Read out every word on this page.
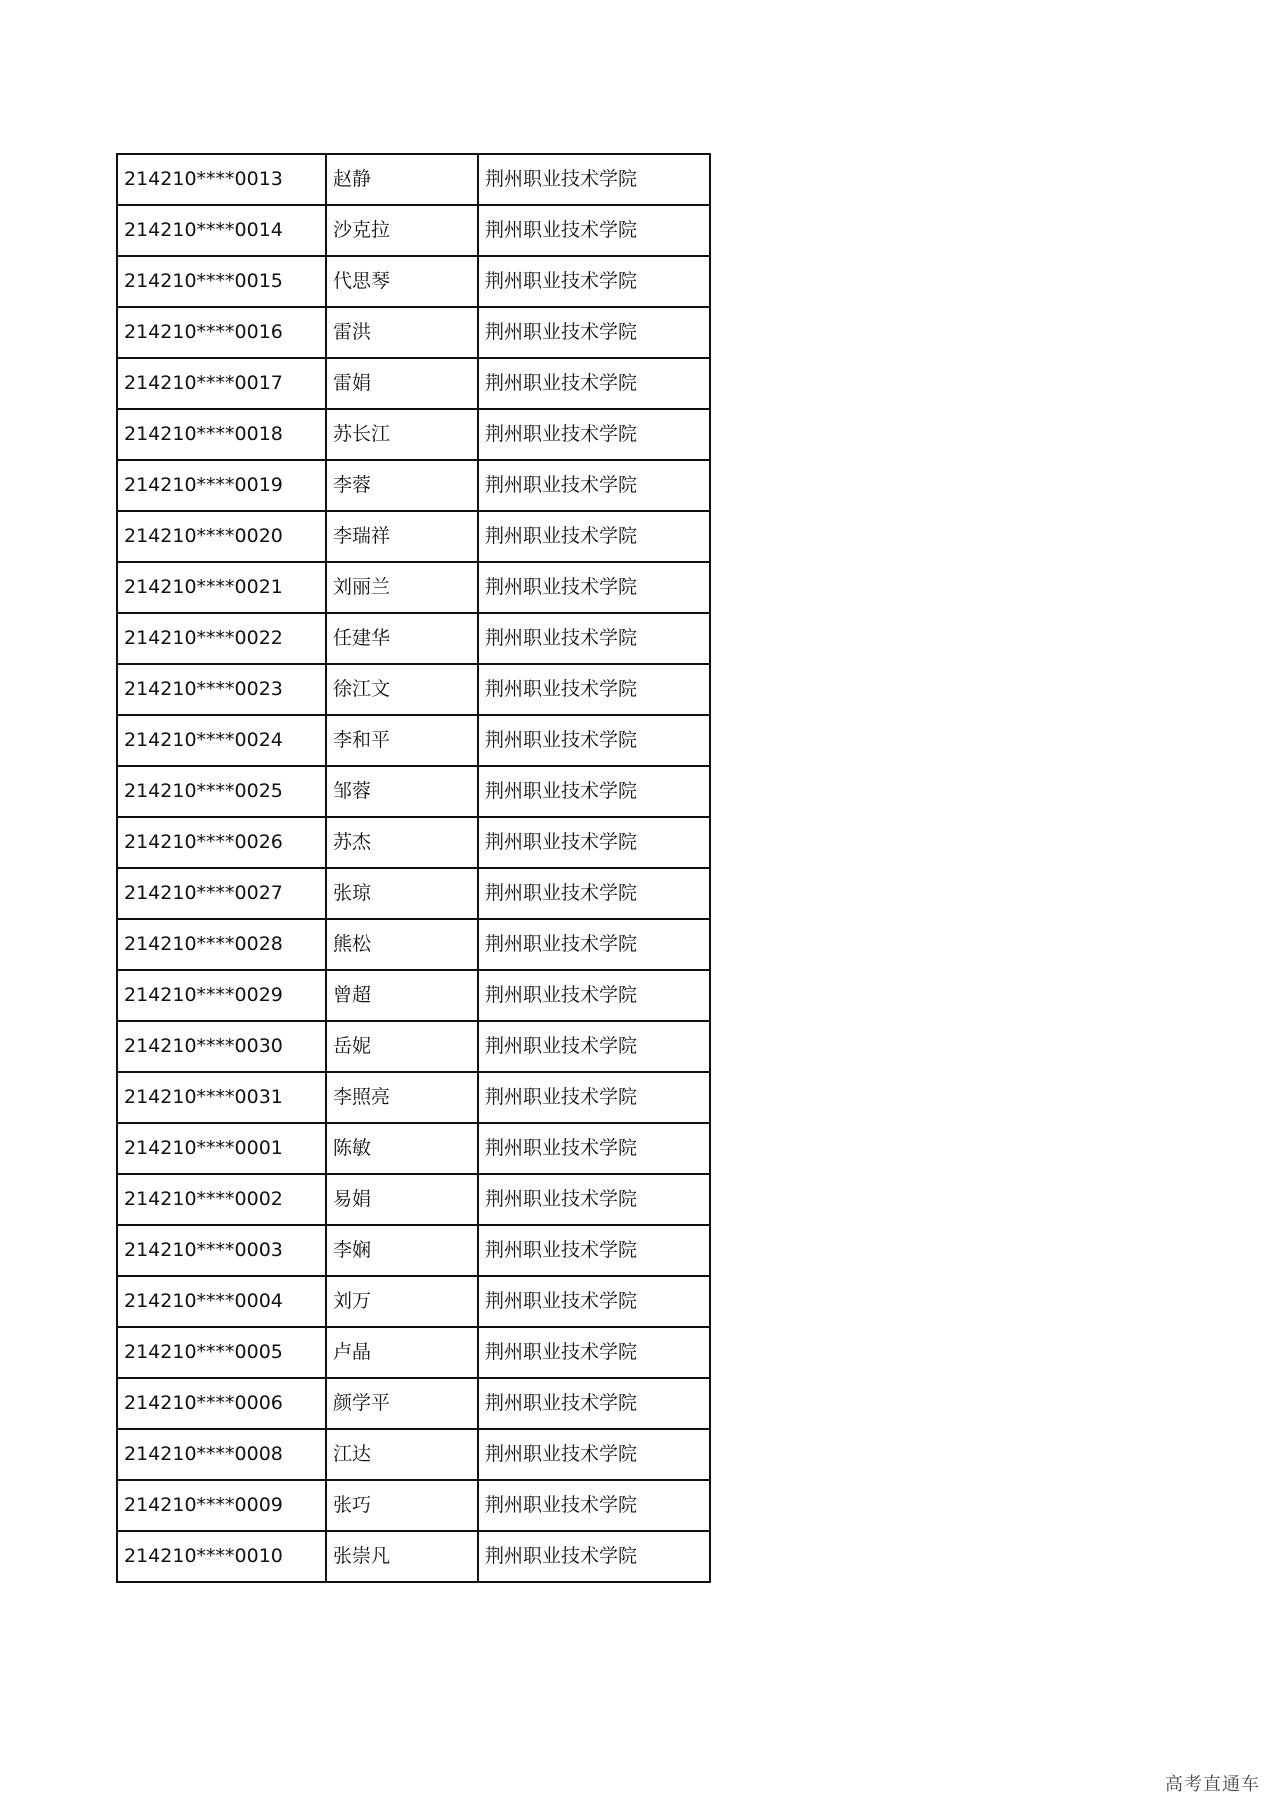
214210****0013	赵静	荆州职业技术学院
214210****0014	沙克拉	荆州职业技术学院
214210****0015	代思琴	荆州职业技术学院
214210****0016	雷洪	荆州职业技术学院
214210****0017	雷娟	荆州职业技术学院
214210****0018	苏长江	荆州职业技术学院
214210****0019	李蓉	荆州职业技术学院
214210****0020	李瑞祥	荆州职业技术学院
214210****0021	刘丽兰	荆州职业技术学院
214210****0022	任建华	荆州职业技术学院
214210****0023	徐江文	荆州职业技术学院
214210****0024	李和平	荆州职业技术学院
214210****0025	邹蓉	荆州职业技术学院
214210****0026	苏杰	荆州职业技术学院
214210****0027	张琼	荆州职业技术学院
214210****0028	熊松	荆州职业技术学院
214210****0029	曾超	荆州职业技术学院
214210****0030	岳妮	荆州职业技术学院
214210****0031	李照亮	荆州职业技术学院
214210****0001	陈敏	荆州职业技术学院
214210****0002	易娟	荆州职业技术学院
214210****0003	李娴	荆州职业技术学院
214210****0004	刘万	荆州职业技术学院
214210****0005	卢晶	荆州职业技术学院
214210****0006	颜学平	荆州职业技术学院
214210****0008	江达	荆州职业技术学院
214210****0009	张巧	荆州职业技术学院
214210****0010	张崇凡	荆州职业技术学院
高考直通车
